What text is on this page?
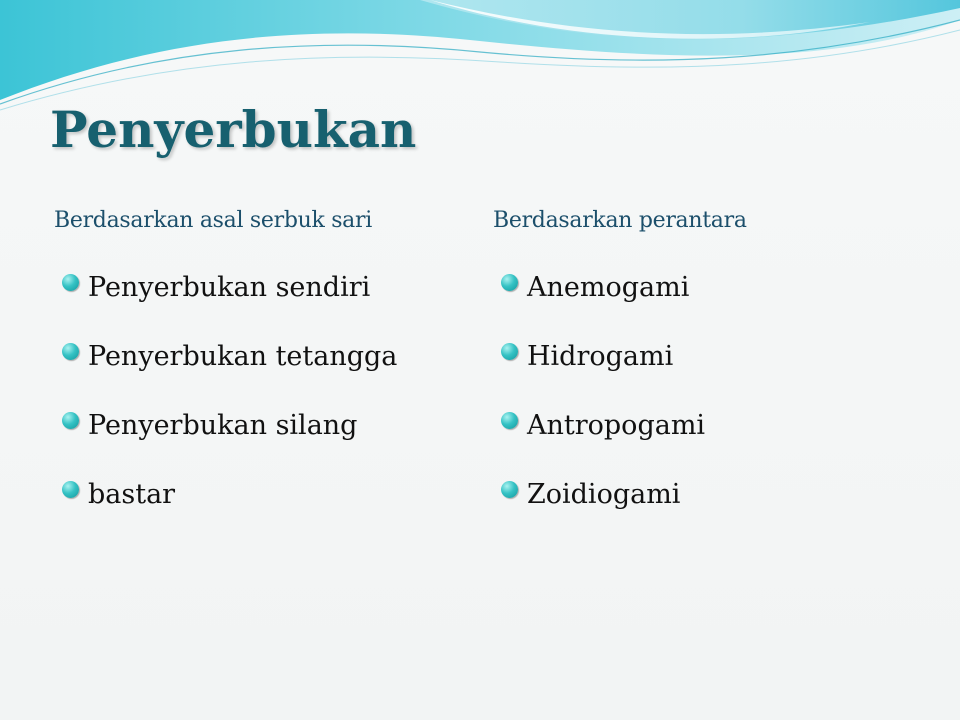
Penyerbukan
Berdasarkan asal serbuk sari
Penyerbukan sendiri
Penyerbukan tetangga
Penyerbukan silang
bastar
Berdasarkan perantara
Anemogami
Hidrogami
Antropogami
Zoidiogami
